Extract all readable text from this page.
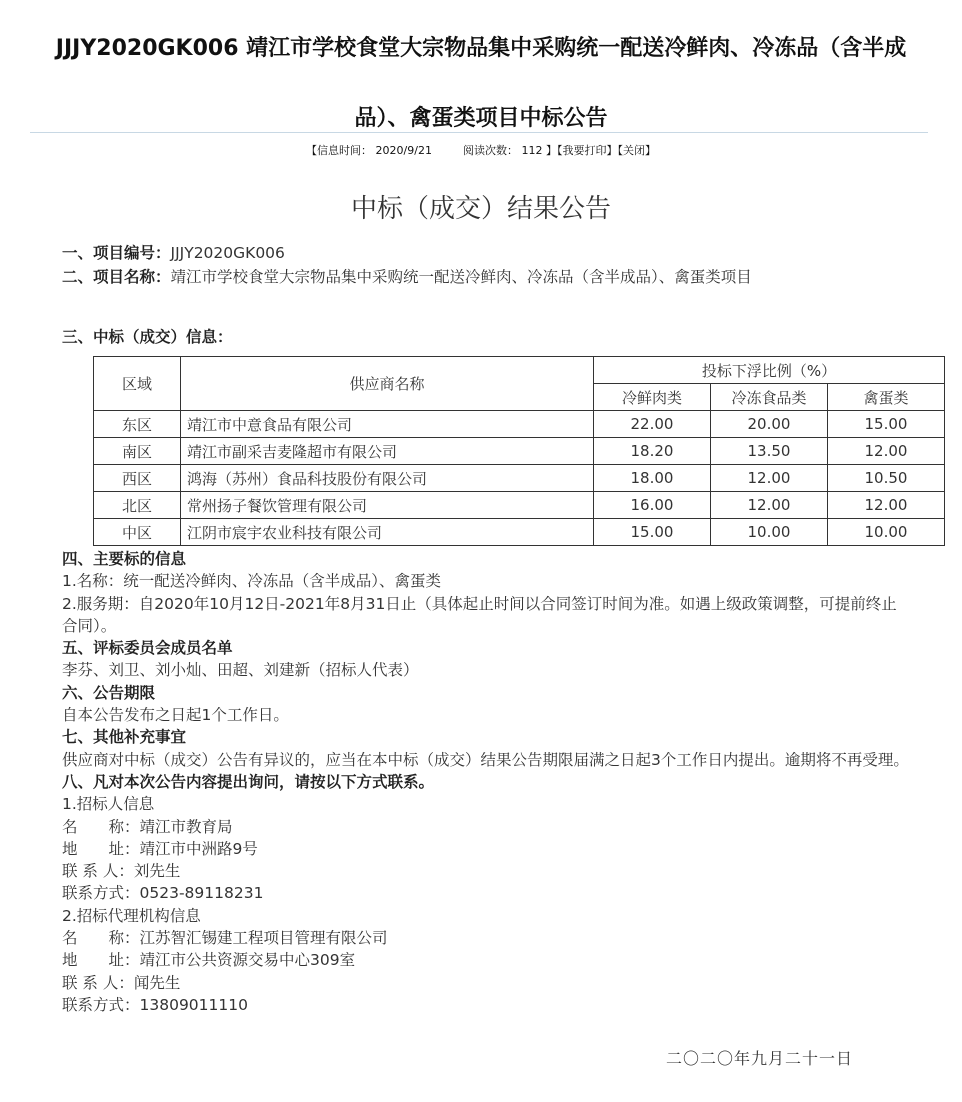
JJJY2020GK006 靖江市学校食堂大宗物品集中采购统一配送冷鲜肉、冷冻品（含半成
品）、禽蛋类项目中标公告
【信息时间： 2020/9/21	阅读次数： 112 】【我要打印】【关闭】
中标（成交）结果公告
一、项目编号：JJJY2020GK006
二、项目名称：靖江市学校食堂大宗物品集中采购统一配送冷鲜肉、冷冻品（含半成品）、禽蛋类项目
三、中标（成交）信息：
区域	供应商名称	投标下浮比例（%）		
		冷鲜肉类	冷冻食品类	禽蛋类
东区	靖江市中意食品有限公司	22.00	20.00	15.00
南区	靖江市副采吉麦隆超市有限公司	18.20	13.50	12.00
西区	鸿海（苏州）食品科技股份有限公司	18.00	12.00	10.50
北区	常州扬子餐饮管理有限公司	16.00	12.00	12.00
中区	江阴市宸宇农业科技有限公司	15.00	10.00	10.00
四、主要标的信息
1.名称：统一配送冷鲜肉、冷冻品（含半成品）、禽蛋类
2.服务期：自2020年10月12日-2021年8月31日止（具体起止时间以合同签订时间为准。如遇上级政策调整，可提前终止合同）。
五、评标委员会成员名单
李芬、刘卫、刘小灿、田超、刘建新（招标人代表）
六、公告期限
自本公告发布之日起1个工作日。
七、其他补充事宜
供应商对中标（成交）公告有异议的，应当在本中标（成交）结果公告期限届满之日起3个工作日内提出。逾期将不再受理。
八、凡对本次公告内容提出询问，请按以下方式联系。
1.招标人信息
名　　称：靖江市教育局
地　　址：靖江市中洲路9号
联 系 人：刘先生
联系方式：0523-89118231
2.招标代理机构信息
名　　称：江苏智汇锡建工程项目管理有限公司
地　　址：靖江市公共资源交易中心309室
联 系 人：闻先生
联系方式：13809011110
二〇二〇年九月二十一日
